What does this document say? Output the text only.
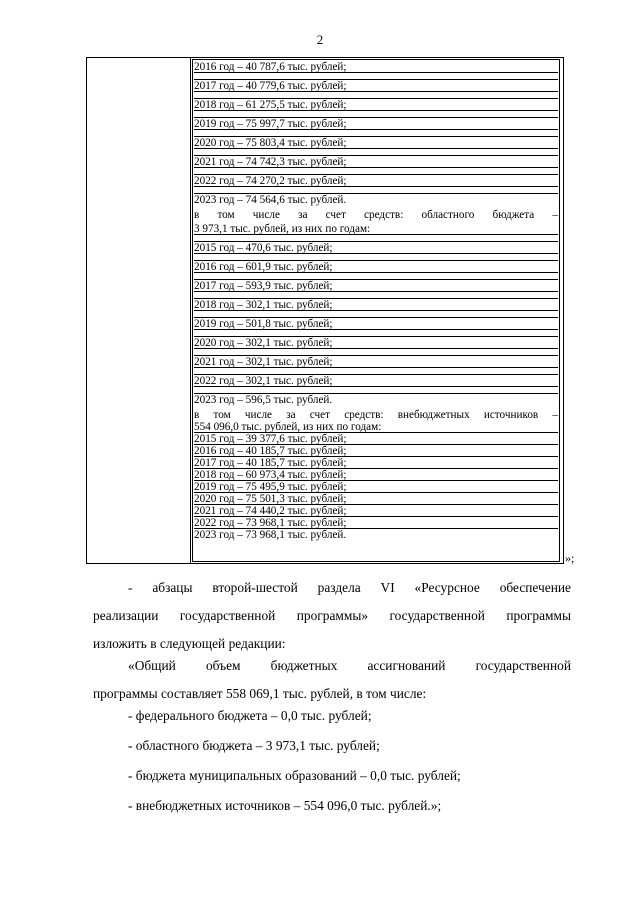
2
2016 год – 40 787,6 тыс. рублей;
2017 год – 40 779,6 тыс. рублей;
2018 год – 61 275,5 тыс. рублей;
2019 год – 75 997,7 тыс. рублей;
2020 год – 75 803,4 тыс. рублей;
2021 год – 74 742,3 тыс. рублей;
2022 год – 74 270,2 тыс. рублей;
2023 год – 74 564,6 тыс. рублей.
в том числе за счет средств: областного бюджета –
3 973,1 тыс. рублей, из них по годам:
2015 год – 470,6 тыс. рублей;
2016 год – 601,9 тыс. рублей;
2017 год – 593,9 тыс. рублей;
2018 год – 302,1 тыс. рублей;
2019 год – 501,8 тыс. рублей;
2020 год – 302,1 тыс. рублей;
2021 год – 302,1 тыс. рублей;
2022 год – 302,1 тыс. рублей;
2023 год – 596,5 тыс. рублей.
в том числе за счет средств: внебюджетных источников –
554 096,0 тыс. рублей, из них по годам:
2015 год – 39 377,6 тыс. рублей;
2016 год – 40 185,7 тыс. рублей;
2017 год – 40 185,7 тыс. рублей;
2018 год – 60 973,4 тыс. рублей;
2019 год – 75 495,9 тыс. рублей;
2020 год – 75 501,3 тыс. рублей;
2021 год – 74 440,2 тыс. рублей;
2022 год – 73 968,1 тыс. рублей;
2023 год – 73 968,1 тыс. рублей.
»;
- абзацы второй-шестой раздела VI «Ресурсное обеспечение
реализации государственной программы» государственной программы
изложить в следующей редакции:
«Общий объем бюджетных ассигнований государственной
программы составляет 558 069,1 тыс. рублей, в том числе:
- федерального бюджета – 0,0 тыс. рублей;
- областного бюджета – 3 973,1 тыс. рублей;
- бюджета муниципальных образований – 0,0 тыс. рублей;
- внебюджетных источников – 554 096,0 тыс. рублей.»;
